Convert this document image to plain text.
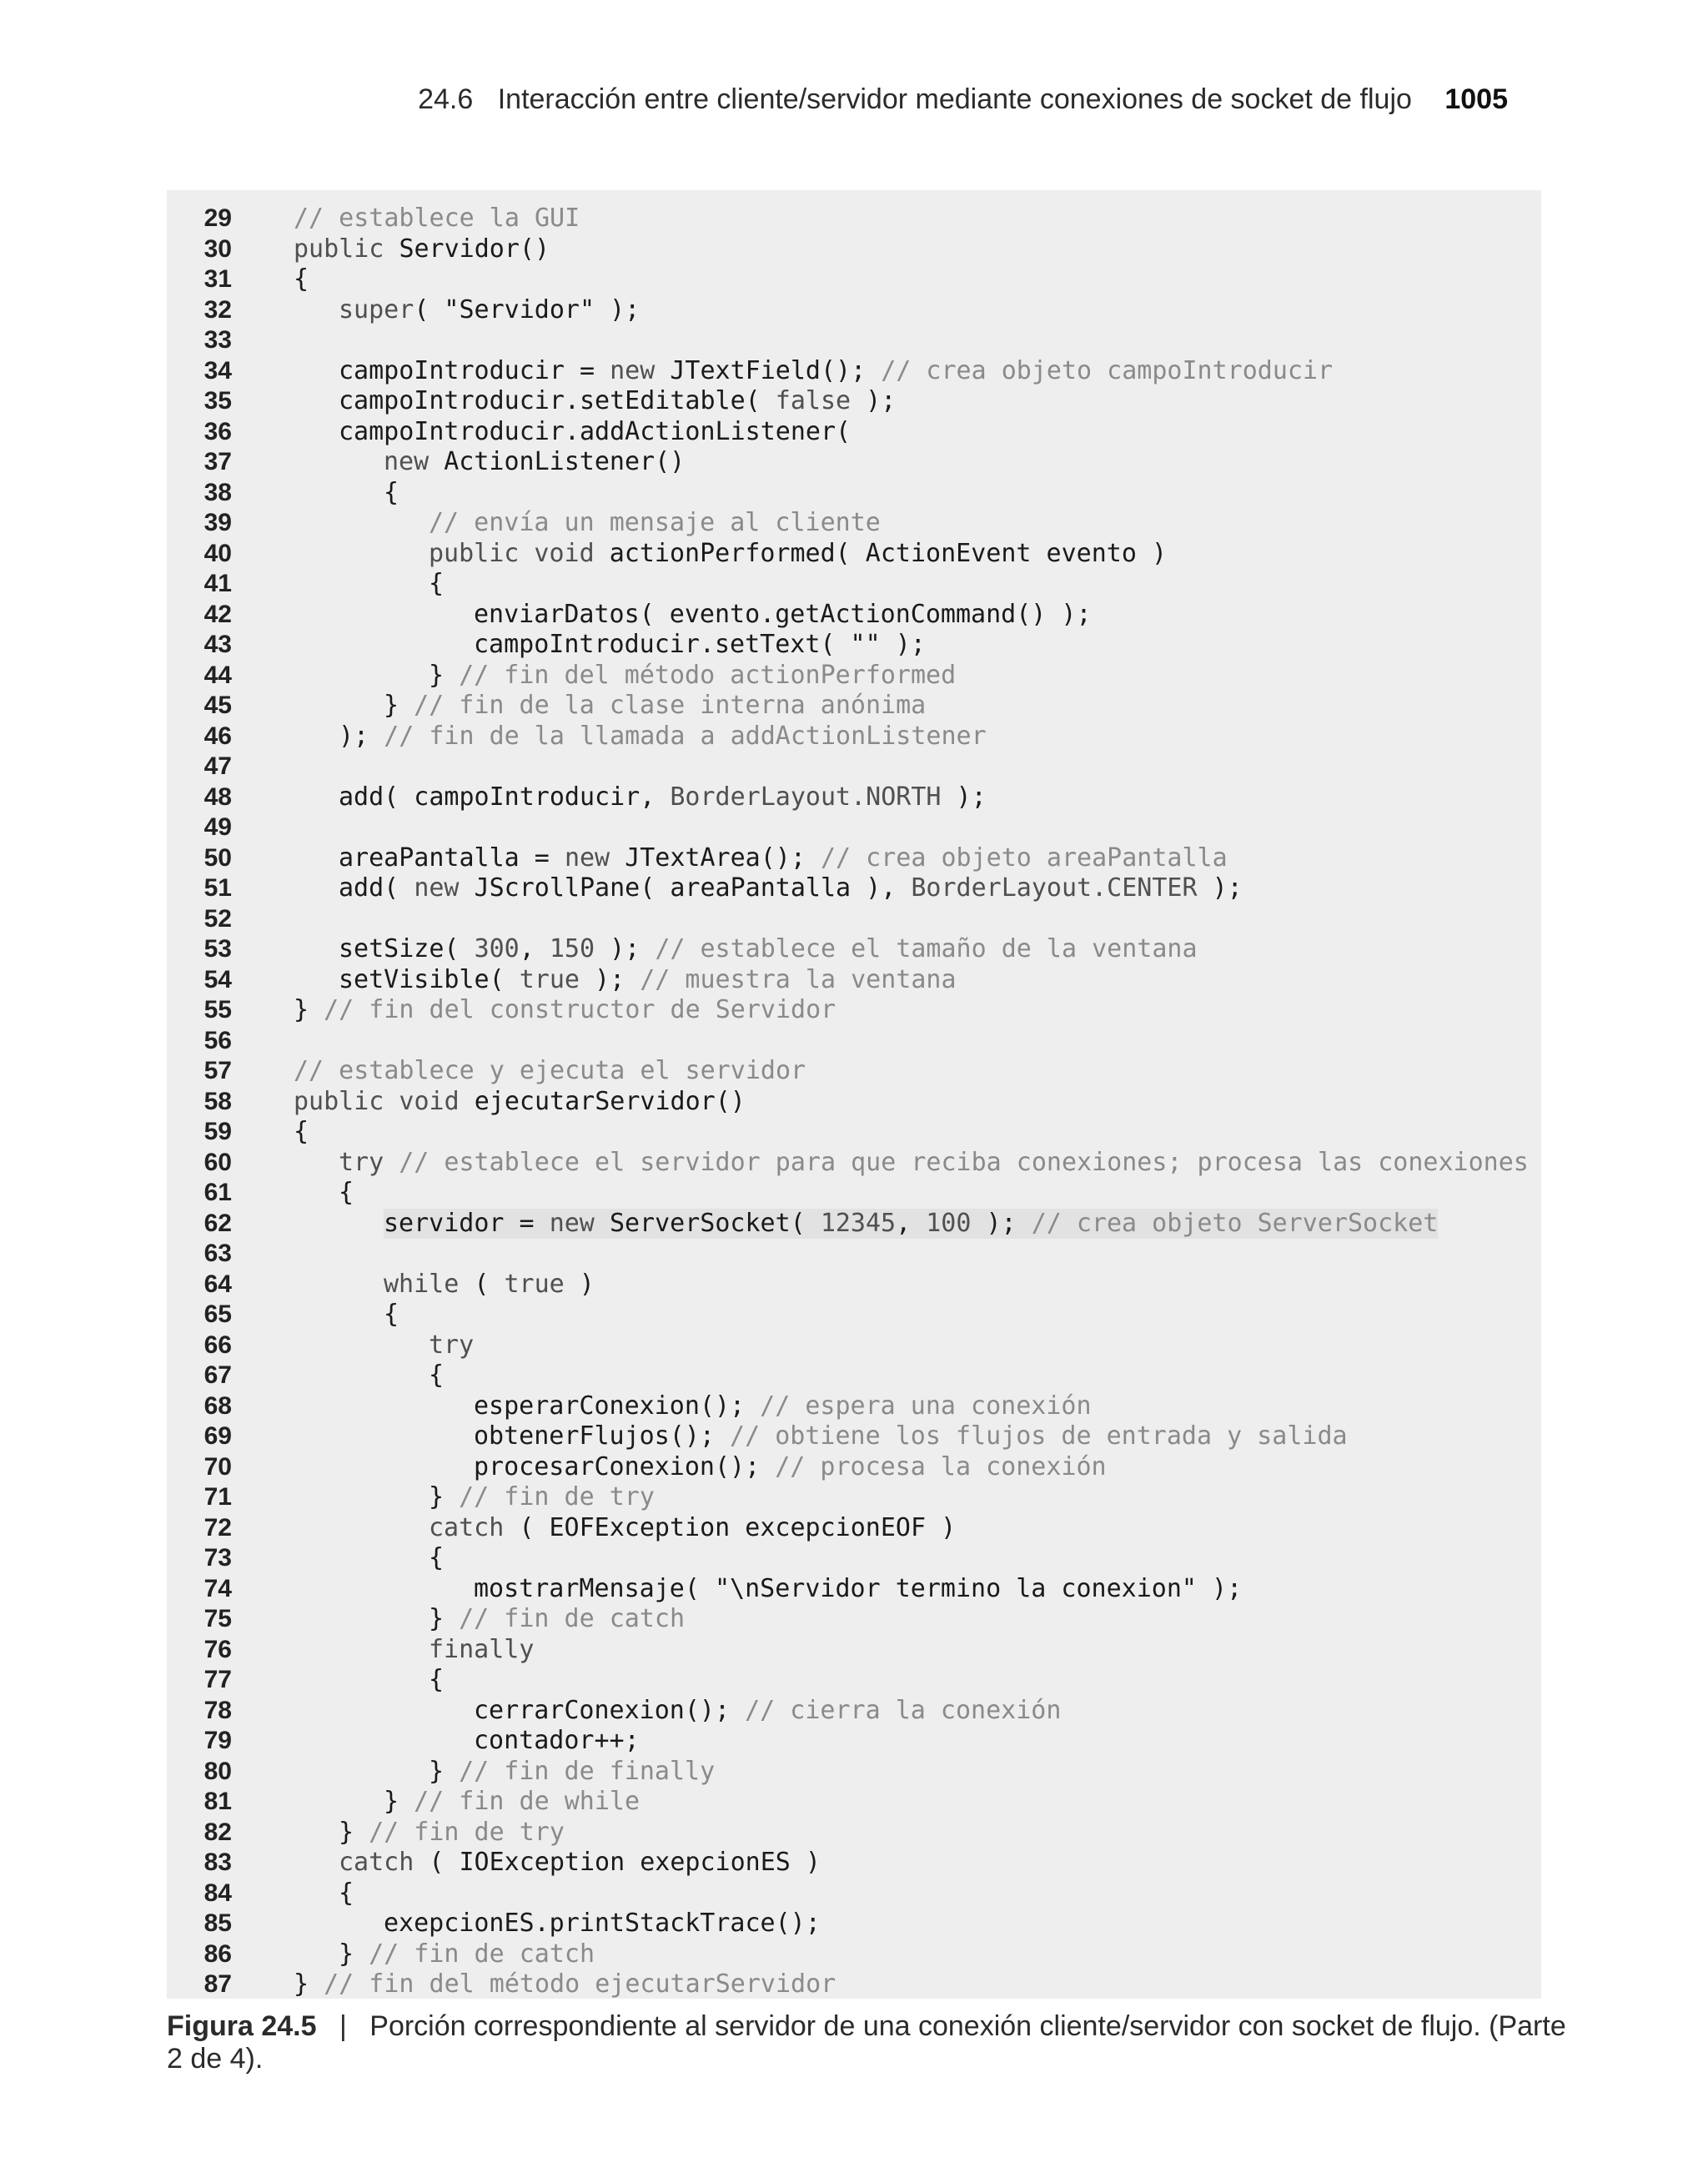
24.6 Interacción entre cliente/servidor mediante conexiones de socket de flujo 1005
29 // establece la GUI
30 public Servidor()
31 {
32	super( "Servidor" );
33
34	campoIntroducir = new JTextField(); // crea objeto campoIntroducir
35	campoIntroducir.setEditable( false );
36	campoIntroducir.addActionListener(
37	new ActionListener()
38	{
39	// envía un mensaje al cliente
40	public void actionPerformed( ActionEvent evento )
41	{
42	enviarDatos( evento.getActionCommand() );
43	campoIntroducir.setText( "" );
44	} // fin del método actionPerformed
45	} // fin de la clase interna anónima
46	); // fin de la llamada a addActionListener
47
48	add( campoIntroducir, BorderLayout.NORTH );
49
50	areaPantalla = new JTextArea(); // crea objeto areaPantalla
51	add( new JScrollPane( areaPantalla ), BorderLayout.CENTER );
52
53	setSize( 300, 150 ); // establece el tamaño de la ventana
54	setVisible( true ); // muestra la ventana
55 } // fin del constructor de Servidor
56
57 // establece y ejecuta el servidor
58 public void ejecutarServidor()
59 {
60	try // establece el servidor para que reciba conexiones; procesa las conexiones
61	{
62	servidor = new ServerSocket( 12345, 100 ); // crea objeto ServerSocket
63
64	while ( true )
65	{
66	try
67	{
68	esperarConexion(); // espera una conexión
69	obtenerFlujos(); // obtiene los flujos de entrada y salida
70	procesarConexion(); // procesa la conexión
71	} // fin de try
72	catch ( EOFException excepcionEOF )
73	{
74	mostrarMensaje( "\nServidor termino la conexion" );
75	} // fin de catch
76	finally
77	{
78	cerrarConexion(); // cierra la conexión
79	contador++;
80	} // fin de finally
81	} // fin de while
82	} // fin de try
83	catch ( IOException exepcionES )
84	{
85	exepcionES.printStackTrace();
86	} // fin de catch
87 } // fin del método ejecutarServidor
Figura 24.5 | Porción correspondiente al servidor de una conexión cliente/servidor con socket de flujo. (Parte 2 de 4).
